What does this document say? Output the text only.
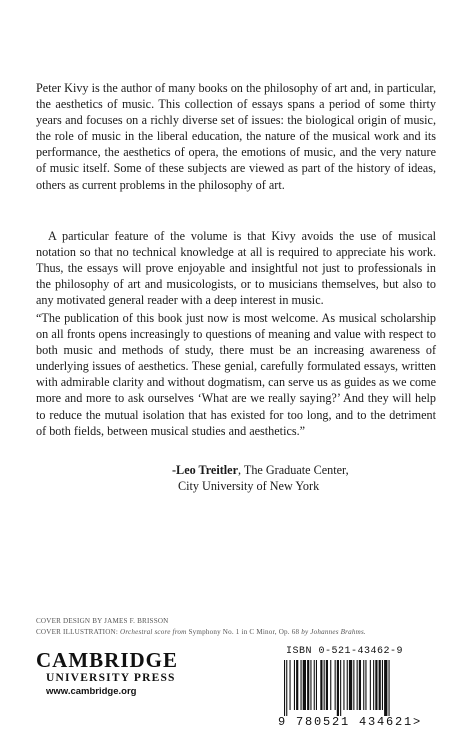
Peter Kivy is the author of many books on the philosophy of art and, in particular, the aesthetics of music. This collection of essays spans a period of some thirty years and focuses on a richly diverse set of issues: the biological origin of music, the role of music in the liberal education, the nature of the musical work and its performance, the aesthetics of opera, the emotions of music, and the very nature of music itself. Some of these subjects are viewed as part of the history of ideas, others as current problems in the philosophy of art.

A particular feature of the volume is that Kivy avoids the use of musical notation so that no technical knowledge at all is required to appreciate his work. Thus, the essays will prove enjoyable and insightful not just to professionals in the philosophy of art and musicologists, or to musicians themselves, but also to any motivated general reader with a deep interest in music.

“The publication of this book just now is most welcome. As musical scholarship on all fronts opens increasingly to questions of meaning and value with respect to both music and methods of study, there must be an increasing awareness of underlying issues of aesthetics. These genial, carefully formulated essays, written with admirable clarity and without dogmatism, can serve us as guides as we come more and more to ask ourselves ‘What are we really saying?’ And they will help to reduce the mutual isolation that has existed for too long, and to the detriment of both fields, between musical studies and aesthetics.”

-Leo Treitler, The Graduate Center,
City University of New York
COVER DESIGN BY JAMES F. BRISSON
COVER ILLUSTRATION: Orchestral score from Symphony No. 1 in C Minor, Op. 68 by Johannes Brahms.
CAMBRIDGE
UNIVERSITY PRESS
www.cambridge.org
ISBN 0-521-43462-9
9 780521 434621>
